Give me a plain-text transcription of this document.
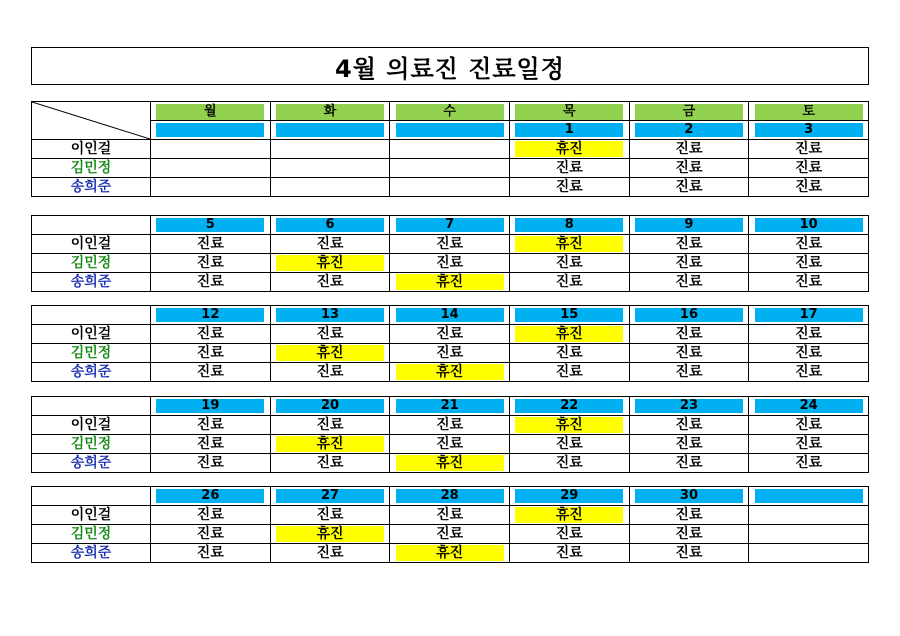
4월 의료진 진료일정

월	화	수	목	금	토

				1	2	3

이인걸				휴진	진료	진료
김민정				진료	진료	진료
송희준				진료	진료	진료

	5	6	7	8	9	10

이인걸	진료	진료	진료	휴진	진료	진료
김민정	진료	휴진	진료	진료	진료	진료
송희준	진료	진료	휴진	진료	진료	진료

	12	13	14	15	16	17

이인걸	진료	진료	진료	휴진	진료	진료
김민정	진료	휴진	진료	진료	진료	진료
송희준	진료	진료	휴진	진료	진료	진료

	19	20	21	22	23	24

이인걸	진료	진료	진료	휴진	진료	진료
김민정	진료	휴진	진료	진료	진료	진료
송희준	진료	진료	휴진	진료	진료	진료

	26	27	28	29	30	

이인걸	진료	진료	진료	휴진	진료	
김민정	진료	휴진	진료	진료	진료	
송희준	진료	진료	휴진	진료	진료	
